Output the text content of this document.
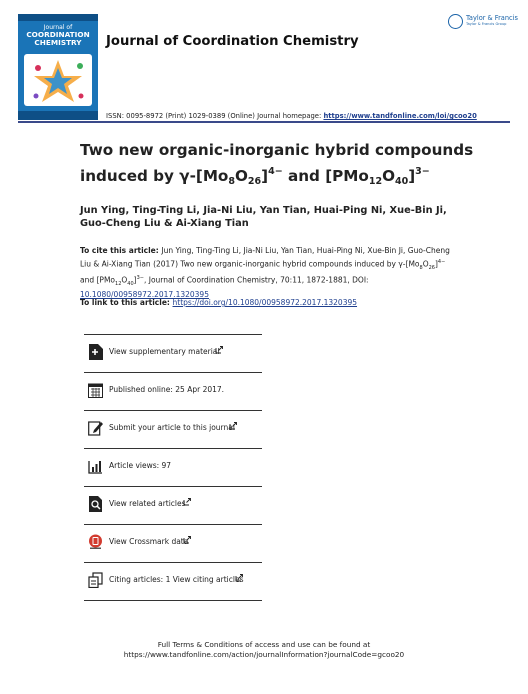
Journal of
COORDINATION
CHEMISTRY	Journal of Coordination Chemistry
Taylor & Francis
Taylor & Francis Group
ISSN: 0095-8972 (Print) 1029-0389 (Online) Journal homepage: https://www.tandfonline.com/loi/gcoo20
Two new organic-inorganic hybrid compounds
induced by $\gamma-[Mo_8O_{26}]^{4-}$ and $[PMo_{12}O_{40}]^{3-}$
Jun Ying, Ting-Ting Li, Jia-Ni Liu, Yan Tian, Huai-Ping Ni, Xue-Bin Ji, Guo-Cheng Liu & Ai-Xiang Tian
To cite this article: Jun Ying, Ting-Ting Li, Jia-Ni Liu, Yan Tian, Huai-Ping Ni, Xue-Bin Ji, Guo-Cheng Liu & Ai-Xiang Tian (2017) Two new organic-inorganic hybrid compounds induced by $\gamma-[Mo_8O_{26}]^{4-}$ and $[PMo_{12}O_{40}]^{3-}$, Journal of Coordination Chemistry, 70:11, 1872-1881, DOI:
10.1080/00958972.2017.1320395
To link to this article: https://doi.org/10.1080/00958972.2017.1320395
View supplementary material
Published online: 25 Apr 2017.
Submit your article to this journal
Article views: 97
View related articles
View Crossmark data
Citing articles: 1 View citing articles
Full Terms & Conditions of access and use can be found at
https://www.tandfonline.com/action/journalInformation?journalCode=gcoo20
